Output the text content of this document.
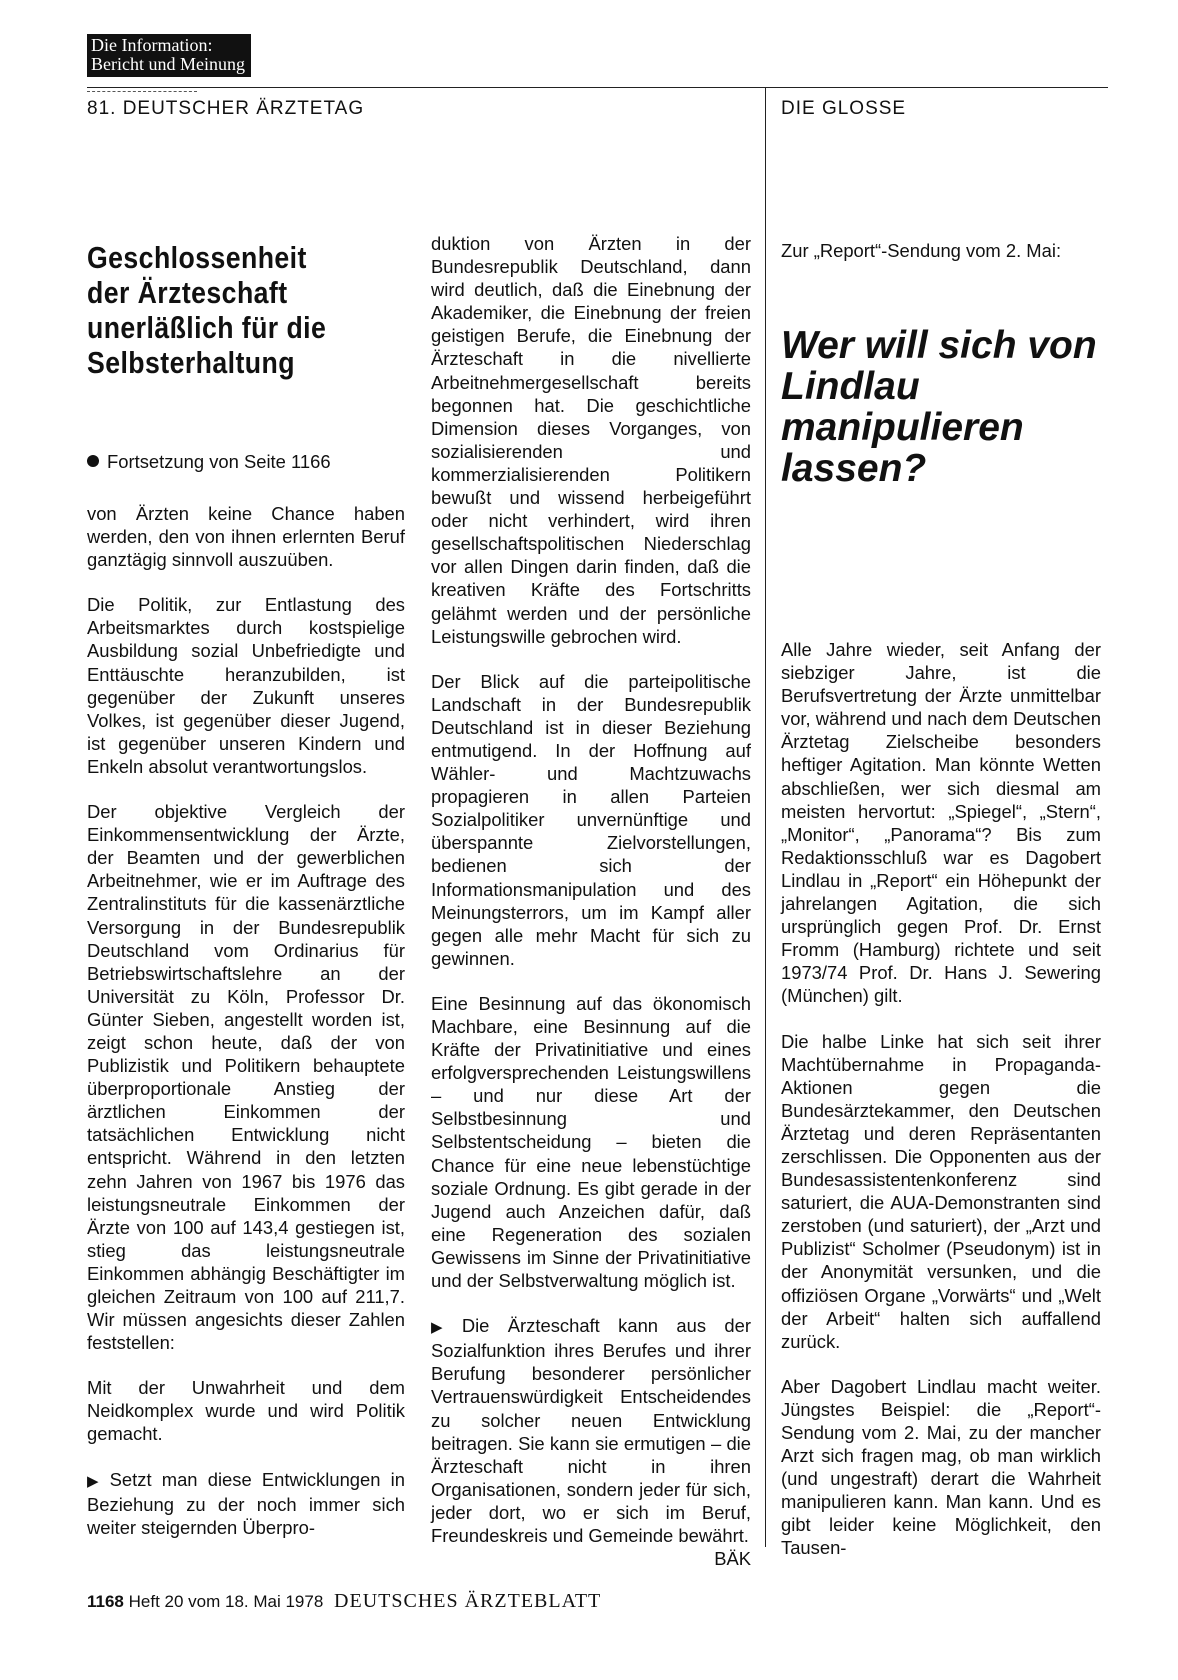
Die Information:
Bericht und Meinung
81. DEUTSCHER ÄRZTETAG	DIE GLOSSE
Geschlossenheit der Ärzteschaft unerläßlich für die Selbsterhaltung
Fortsetzung von Seite 1166

von Ärzten keine Chance haben werden, den von ihnen erlernten Beruf ganztägig sinnvoll auszuüben.

Die Politik, zur Entlastung des Arbeitsmarktes durch kostspielige Ausbildung sozial Unbefriedigte und Enttäuschte heranzubilden, ist gegenüber der Zukunft unseres Volkes, ist gegenüber dieser Jugend, ist gegenüber unseren Kindern und Enkeln absolut verantwortungslos.

Der objektive Vergleich der Einkommensentwicklung der Ärzte, der Beamten und der gewerblichen Arbeitnehmer, wie er im Auftrage des Zentralinstituts für die kassenärztliche Versorgung in der Bundesrepublik Deutschland vom Ordinarius für Betriebswirtschaftslehre an der Universität zu Köln, Professor Dr. Günter Sieben, angestellt worden ist, zeigt schon heute, daß der von Publizistik und Politikern behauptete überproportionale Anstieg der ärztlichen Einkommen der tatsächlichen Entwicklung nicht entspricht. Während in den letzten zehn Jahren von 1967 bis 1976 das leistungsneutrale Einkommen der Ärzte von 100 auf 143,4 gestiegen ist, stieg das leistungsneutrale Einkommen abhängig Beschäftigter im gleichen Zeitraum von 100 auf 211,7. Wir müssen angesichts dieser Zahlen feststellen:

Mit der Unwahrheit und dem Neidkomplex wurde und wird Politik gemacht.

▶ Setzt man diese Entwicklungen in Beziehung zu der noch immer sich weiter steigernden Überpro-

duktion von Ärzten in der Bundesrepublik Deutschland, dann wird deutlich, daß die Einebnung der Akademiker, die Einebnung der freien geistigen Berufe, die Einebnung der Ärzteschaft in die nivellierte Arbeitnehmergesellschaft bereits begonnen hat. Die geschichtliche Dimension dieses Vorganges, von sozialisierenden und kommerzialisierenden Politikern bewußt und wissend herbeigeführt oder nicht verhindert, wird ihren gesellschaftspolitischen Niederschlag vor allen Dingen darin finden, daß die kreativen Kräfte des Fortschritts gelähmt werden und der persönliche Leistungswille gebrochen wird.

Der Blick auf die parteipolitische Landschaft in der Bundesrepublik Deutschland ist in dieser Beziehung entmutigend. In der Hoffnung auf Wähler- und Machtzuwachs propagieren in allen Parteien Sozialpolitiker unvernünftige und überspannte Zielvorstellungen, bedienen sich der Informationsmanipulation und des Meinungsterrors, um im Kampf aller gegen alle mehr Macht für sich zu gewinnen.

Eine Besinnung auf das ökonomisch Machbare, eine Besinnung auf die Kräfte der Privatinitiative und eines erfolgversprechenden Leistungswillens – und nur diese Art der Selbstbesinnung und Selbstentscheidung – bieten die Chance für eine neue lebenstüchtige soziale Ordnung. Es gibt gerade in der Jugend auch Anzeichen dafür, daß eine Regeneration des sozialen Gewissens im Sinne der Privatinitiative und der Selbstverwaltung möglich ist.

▶ Die Ärzteschaft kann aus der Sozialfunktion ihres Berufes und ihrer Berufung besonderer persönlicher Vertrauenswürdigkeit Entscheidendes zu solcher neuen Entwicklung beitragen. Sie kann sie ermutigen – die Ärzteschaft nicht in ihren Organisationen, sondern jeder für sich, jeder dort, wo er sich im Beruf, Freundeskreis und Gemeinde bewährt.
BÄK

Zur „Report“-Sendung vom 2. Mai:
Wer will sich von Lindlau manipulieren lassen?

Alle Jahre wieder, seit Anfang der siebziger Jahre, ist die Berufsvertretung der Ärzte unmittelbar vor, während und nach dem Deutschen Ärztetag Zielscheibe besonders heftiger Agitation. Man könnte Wetten abschließen, wer sich diesmal am meisten hervortut: „Spiegel“, „Stern“, „Monitor“, „Panorama“? Bis zum Redaktionsschluß war es Dagobert Lindlau in „Report“ ein Höhepunkt der jahrelangen Agitation, die sich ursprünglich gegen Prof. Dr. Ernst Fromm (Hamburg) richtete und seit 1973/74 Prof. Dr. Hans J. Sewering (München) gilt.

Die halbe Linke hat sich seit ihrer Machtübernahme in Propaganda-Aktionen gegen die Bundesärztekammer, den Deutschen Ärztetag und deren Repräsentanten zerschlissen. Die Opponenten aus der Bundesassistentenkonferenz sind saturiert, die AUA-Demonstranten sind zerstoben (und saturiert), der „Arzt und Publizist“ Scholmer (Pseudonym) ist in der Anonymität versunken, und die offiziösen Organe „Vorwärts“ und „Welt der Arbeit“ halten sich auffallend zurück.

Aber Dagobert Lindlau macht weiter. Jüngstes Beispiel: die „Report“-Sendung vom 2. Mai, zu der mancher Arzt sich fragen mag, ob man wirklich (und ungestraft) derart die Wahrheit manipulieren kann. Man kann. Und es gibt leider keine Möglichkeit, den Tausen-

1168 Heft 20 vom 18. Mai 1978 DEUTSCHES ÄRZTEBLATT
